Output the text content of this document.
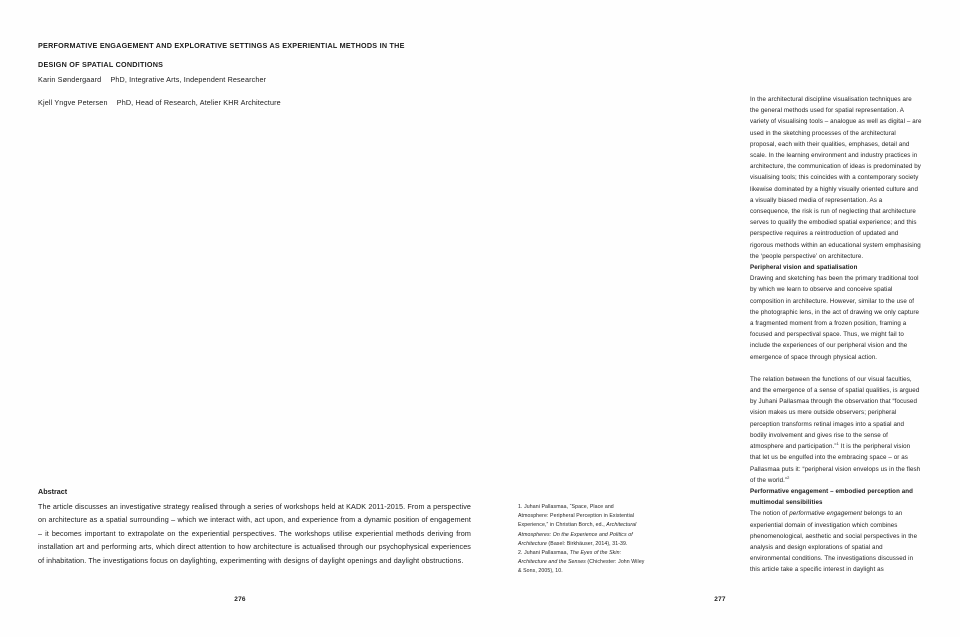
PERFORMATIVE ENGAGEMENT AND EXPLORATIVE SETTINGS AS EXPERIENTIAL METHODS IN THE DESIGN OF SPATIAL CONDITIONS
Karin Søndergaard PhD, Integrative Arts, Independent Researcher
Kjell Yngve Petersen PhD, Head of Research, Atelier KHR Architecture
Abstract
The article discusses an investigative strategy realised through a series of workshops held at KADK 2011-2015. From a perspective on architecture as a spatial surrounding – which we interact with, act upon, and experience from a dynamic position of engagement – it becomes important to extrapolate on the experiential perspectives. The workshops utilise experiential methods deriving from installation art and performing arts, which direct attention to how architecture is actualised through our psychophysical experiences of inhabitation. The investigations focus on daylighting, experimenting with designs of daylight openings and daylight obstructions.
276

1. Juhani Pallasmaa, “Space, Place and Atmosphere: Peripheral Perception in Existential Experience,” in Christian Borch, ed., Architectural Atmospheres: On the Experience and Politics of Architecture (Basel: Birkhäuser, 2014), 31-39.

2. Juhani Pallasmaa, The Eyes of the Skin: Architecture and the Senses (Chichester: John Wiley & Sons, 2005), 10.

In the architectural discipline visualisation techniques are the general methods used for spatial representation. A variety of visualising tools – analogue as well as digital – are used in the sketching processes of the architectural proposal, each with their qualities, emphases, detail and scale. In the learning environment and industry practices in architecture, the communication of ideas is predominated by visualising tools; this coincides with a contemporary society likewise dominated by a highly visually oriented culture and a visually biased media of representation. As a consequence, the risk is run of neglecting that architecture serves to qualify the embodied spatial experience; and this perspective requires a reintroduction of updated and rigorous methods within an educational system emphasising the ‘people perspective’ on architecture.

Peripheral vision and spatialisation

Drawing and sketching has been the primary traditional tool by which we learn to observe and conceive spatial composition in architecture. However, similar to the use of the photographic lens, in the act of drawing we only capture a fragmented moment from a frozen position, framing a focused and perspectival space. Thus, we might fail to include the experiences of our peripheral vision and the emergence of space through physical action.

The relation between the functions of our visual faculties, and the emergence of a sense of spatial qualities, is argued by Juhani Pallasmaa through the observation that “focused vision makes us mere outside observers; peripheral perception transforms retinal images into a spatial and bodily involvement and gives rise to the sense of atmosphere and participation.”$^1$ It is the peripheral vision that let us be engulfed into the embracing space – or as Pallasmaa puts it: “peripheral vision envelops us in the flesh of the world.”$^2$

Performative engagement – embodied perception and multimodal sensibilities

The notion of performative engagement belongs to an experiential domain of investigation which combines phenomenological, aesthetic and social perspectives in the analysis and design explorations of spatial and environmental conditions. The investigations discussed in this article take a specific interest in daylight as

277
